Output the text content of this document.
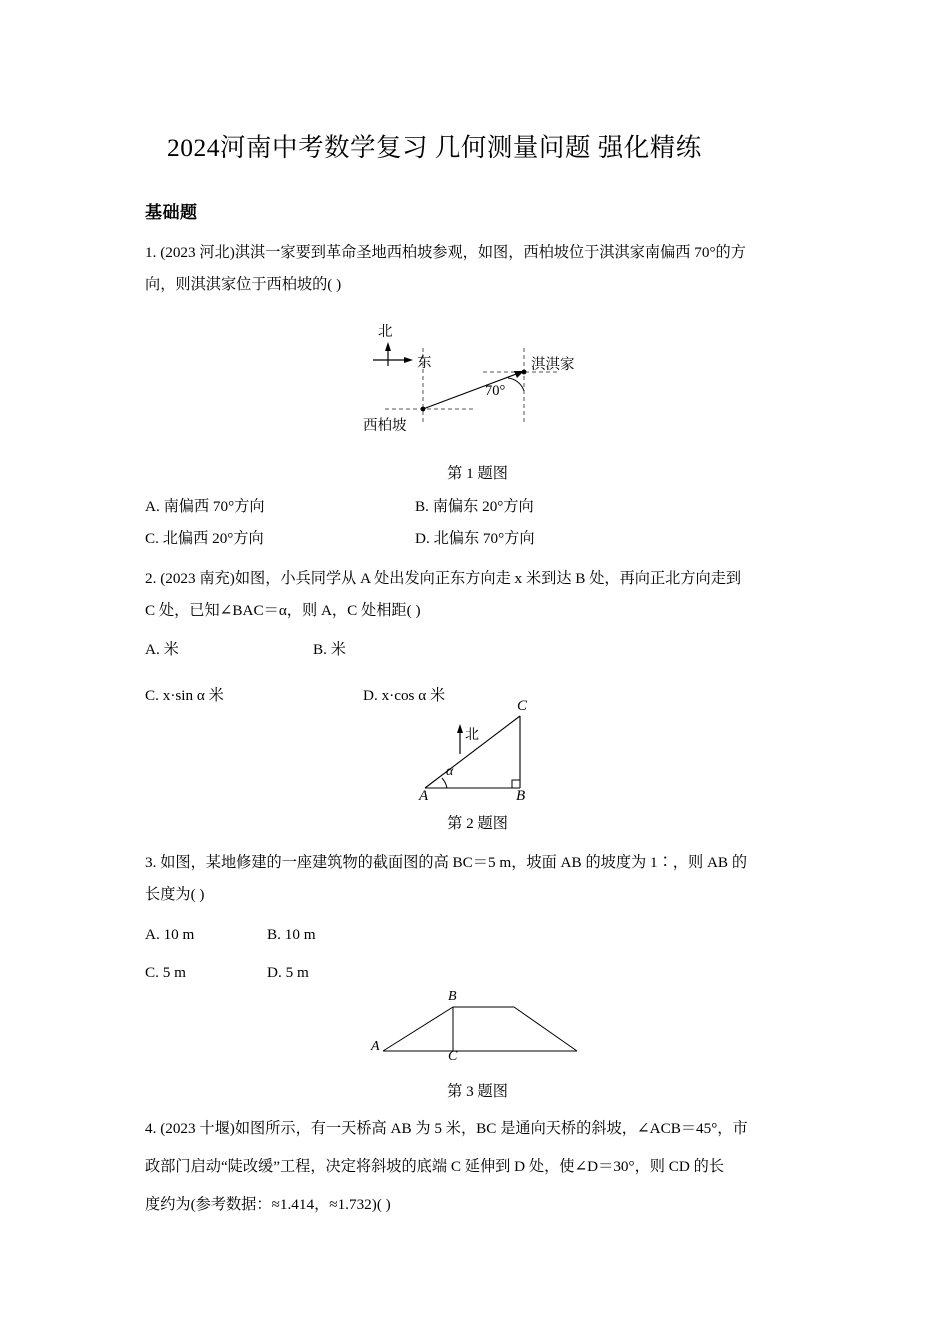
2024河南中考数学复习 几何测量问题 强化精练
基础题
1. (2023 河北)淇淇一家要到革命圣地西柏坡参观，如图，西柏坡位于淇淇家南偏西 70°的方
向，则淇淇家位于西柏坡的( )
北
东
西柏坡
淇淇家
70°
第 1 题图
A. 南偏西 70°方向	B. 南偏东 20°方向
C. 北偏西 20°方向	D. 北偏东 70°方向
2. (2023 南充)如图，小兵同学从 A 处出发向正东方向走 x 米到达 B 处，再向正北方向走到
C 处，已知∠BAC＝α，则 A，C 处相距( )
A. 米	B. 米
C. x·sin α 米	D. x·cos α 米
A	B
C
α
北
第 2 题图
3. 如图，某地修建的一座建筑物的截面图的高 BC＝5 m，坡面 AB 的坡度为 1∶，则 AB 的
长度为( )
A. 10 m	B. 10 m
C. 5 m	D. 5 m
A
B
C
第 3 题图
4. (2023 十堰)如图所示，有一天桥高 AB 为 5 米，BC 是通向天桥的斜坡，∠ACB＝45°，市
政部门启动“陡改缓”工程，决定将斜坡的底端 C 延伸到 D 处，使∠D＝30°，则 CD 的长
度约为(参考数据：≈1.414，≈1.732)( )
